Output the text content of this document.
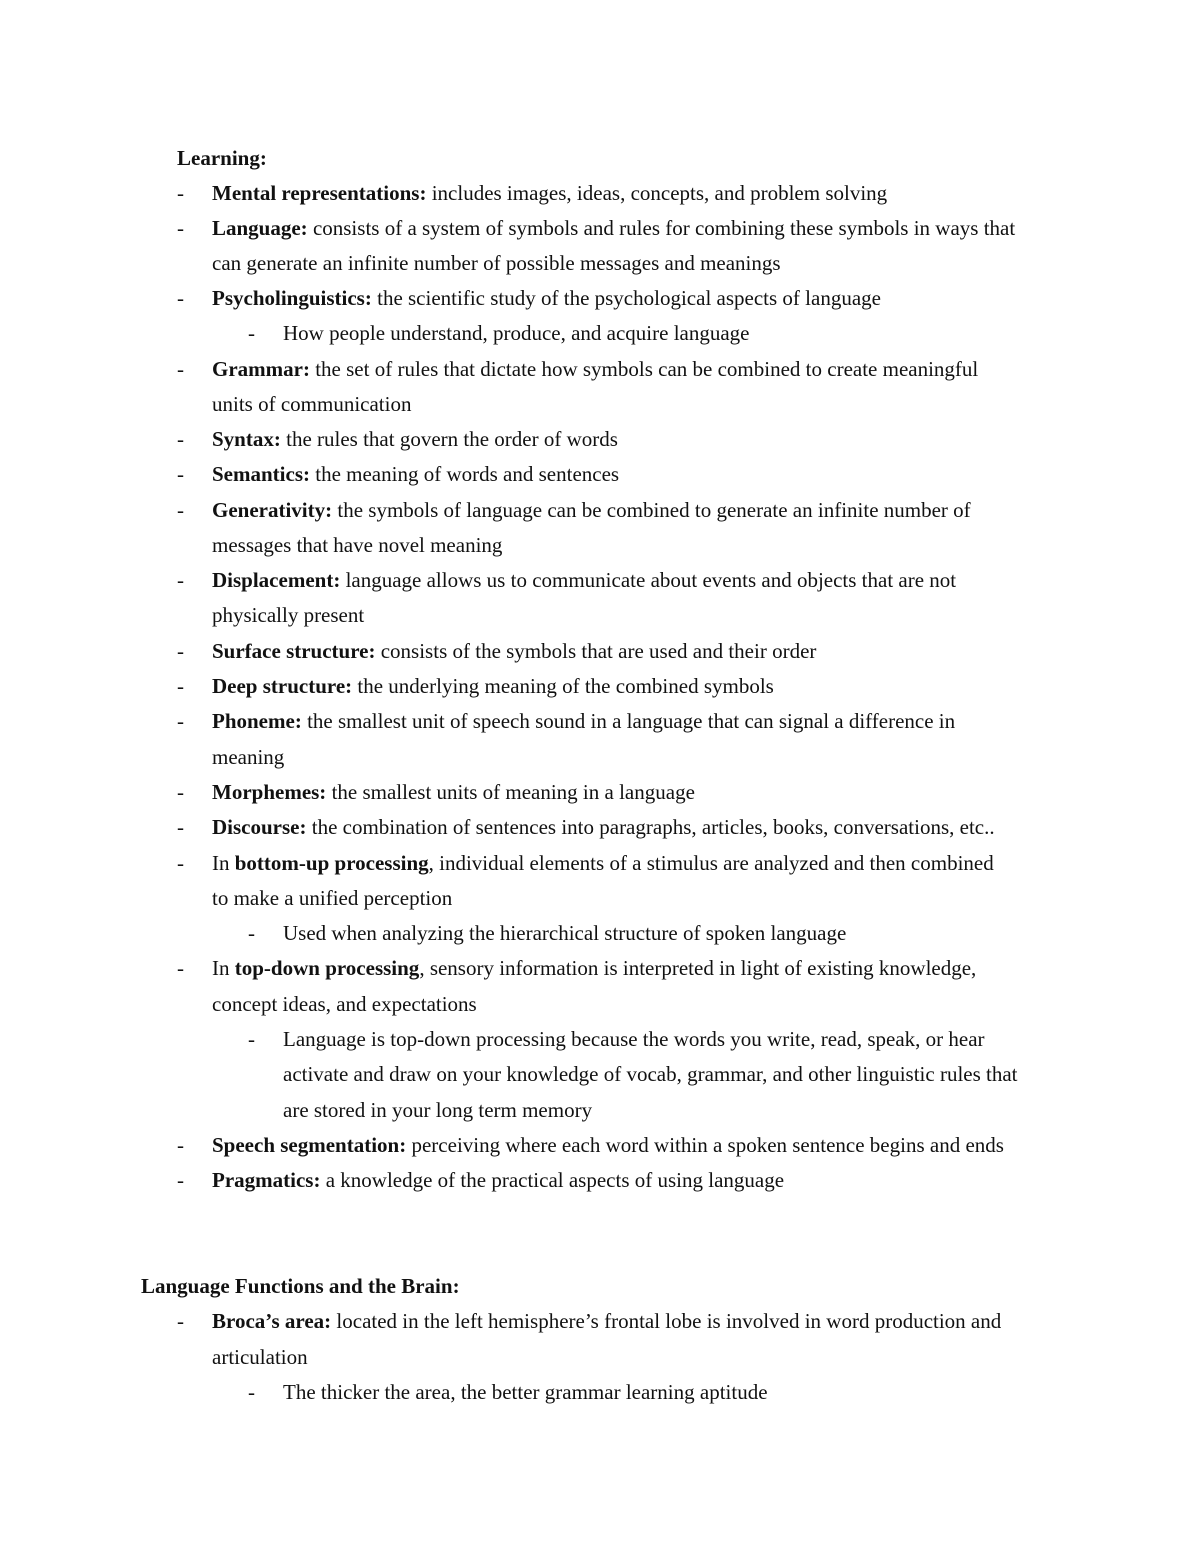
Learning:
- Mental representations: includes images, ideas, concepts, and problem solving
- Language: consists of a system of symbols and rules for combining these symbols in ways that
can generate an infinite number of possible messages and meanings
- Psycholinguistics: the scientific study of the psychological aspects of language
- How people understand, produce, and acquire language
- Grammar: the set of rules that dictate how symbols can be combined to create meaningful
units of communication
- Syntax: the rules that govern the order of words
- Semantics: the meaning of words and sentences
- Generativity: the symbols of language can be combined to generate an infinite number of
messages that have novel meaning
- Displacement: language allows us to communicate about events and objects that are not
physically present
- Surface structure: consists of the symbols that are used and their order
- Deep structure: the underlying meaning of the combined symbols
- Phoneme: the smallest unit of speech sound in a language that can signal a difference in
meaning
- Morphemes: the smallest units of meaning in a language
- Discourse: the combination of sentences into paragraphs, articles, books, conversations, etc..
- In bottom-up processing, individual elements of a stimulus are analyzed and then combined
to make a unified perception
- Used when analyzing the hierarchical structure of spoken language
- In top-down processing, sensory information is interpreted in light of existing knowledge,
concept ideas, and expectations
- Language is top-down processing because the words you write, read, speak, or hear
activate and draw on your knowledge of vocab, grammar, and other linguistic rules that
are stored in your long term memory
- Speech segmentation: perceiving where each word within a spoken sentence begins and ends
- Pragmatics: a knowledge of the practical aspects of using language
Language Functions and the Brain:
- Broca’s area: located in the left hemisphere’s frontal lobe is involved in word production and
articulation
- The thicker the area, the better grammar learning aptitude
